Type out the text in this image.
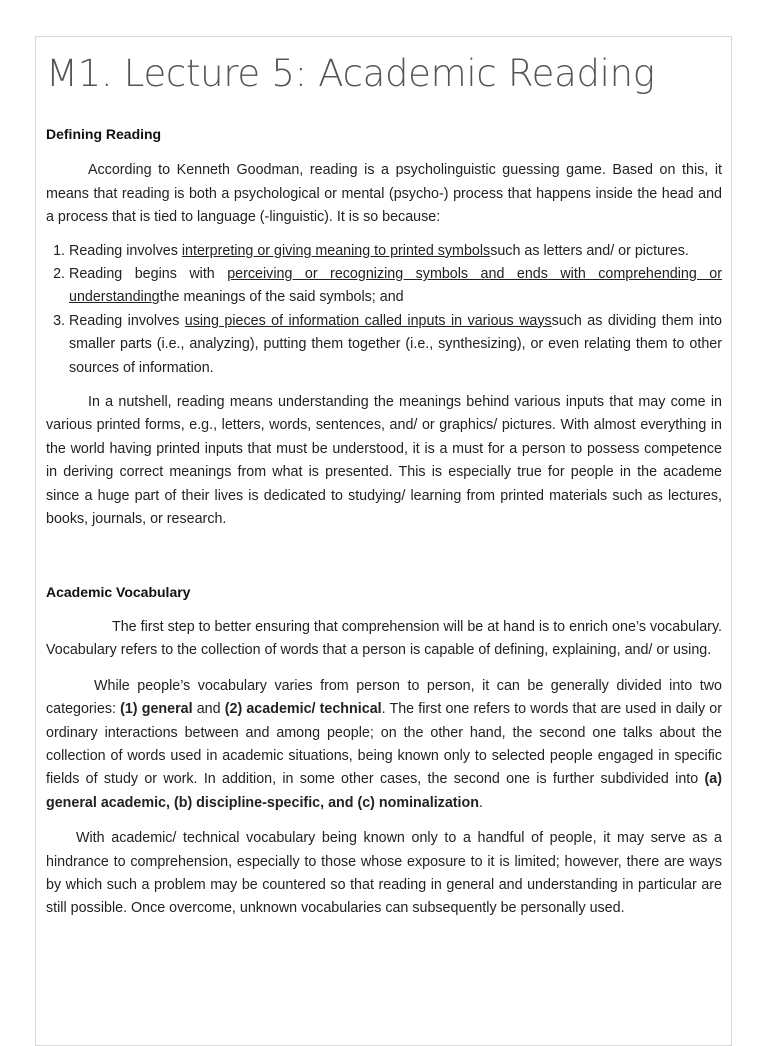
M1. Lecture 5: Academic Reading

Defining Reading

According to Kenneth Goodman, reading is a psycholinguistic guessing game. Based on this, it means that reading is both a psychological or mental (psycho-) process that happens inside the head and a process that is tied to language (-linguistic). It is so because:

1. Reading involves interpreting or giving meaning to printed symbolssuch as letters and/ or pictures.
2. Reading begins with perceiving or recognizing symbols and ends with comprehending or understandingthe meanings of the said symbols; and
3. Reading involves using pieces of information called inputs in various wayssuch as dividing them into smaller parts (i.e., analyzing), putting them together (i.e., synthesizing), or even relating them to other sources of information.

In a nutshell, reading means understanding the meanings behind various inputs that may come in various printed forms, e.g., letters, words, sentences, and/ or graphics/ pictures. With almost everything in the world having printed inputs that must be understood, it is a must for a person to possess competence in deriving correct meanings from what is presented. This is especially true for people in the academe since a huge part of their lives is dedicated to studying/ learning from printed materials such as lectures, books, journals, or research.

Academic Vocabulary

The first step to better ensuring that comprehension will be at hand is to enrich one’s vocabulary. Vocabulary refers to the collection of words that a person is capable of defining, explaining, and/ or using.

While people’s vocabulary varies from person to person, it can be generally divided into two categories: (1) general and (2) academic/ technical. The first one refers to words that are used in daily or ordinary interactions between and among people; on the other hand, the second one talks about the collection of words used in academic situations, being known only to selected people engaged in specific fields of study or work. In addition, in some other cases, the second one is further subdivided into (a) general academic, (b) discipline-specific, and (c) nominalization.

With academic/ technical vocabulary being known only to a handful of people, it may serve as a hindrance to comprehension, especially to those whose exposure to it is limited; however, there are ways by which such a problem may be countered so that reading in general and understanding in particular are still possible. Once overcome, unknown vocabularies can subsequently be personally used.
